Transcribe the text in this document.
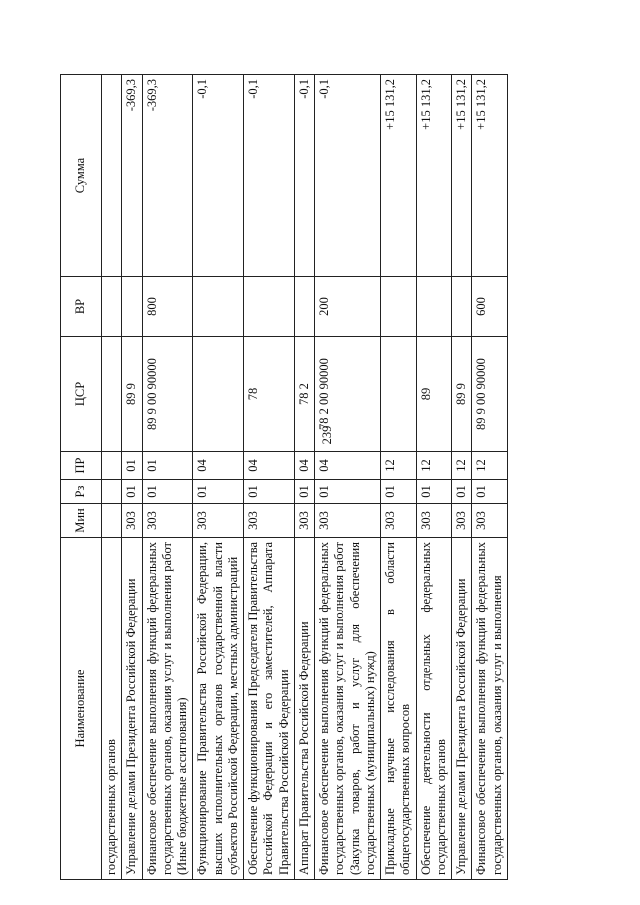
239
Наименование	Мин	Рз	ПР	ЦСР	ВР	Сумма
государственных органов						
Управление делами Президента Российской Федерации	303	01	01	89 9		-369,3
Финансовое обеспечение выполнения функций федеральных государственных органов, оказания услуг и выполнения работ (Иные бюджетные ассигнования)	303	01	01	89 9 00 90000	800	-369,3
Функционирование Правительства Российской Федерации, высших исполнительных органов государственной власти субъектов Российской Федерации, местных администраций	303	01	04			-0,1
Обеспечение функционирования Председателя Правительства Российской Федерации и его заместителей, Аппарата Правительства Российской Федерации	303	01	04	78		-0,1
Аппарат Правительства Российской Федерации	303	01	04	78 2		-0,1
Финансовое обеспечение выполнения функций федеральных государственных органов, оказания услуг и выполнения работ (Закупка товаров, работ и услуг для обеспечения государственных (муниципальных) нужд)	303	01	04	78 2 00 90000	200	-0,1
Прикладные научные исследования в области общегосударственных вопросов	303	01	12			+15 131,2
Обеспечение деятельности отдельных федеральных государственных органов	303	01	12	89		+15 131,2
Управление делами Президента Российской Федерации	303	01	12	89 9		+15 131,2
Финансовое обеспечение выполнения функций федеральных государственных органов, оказания услуг и выполнения	303	01	12	89 9 00 90000	600	+15 131,2
